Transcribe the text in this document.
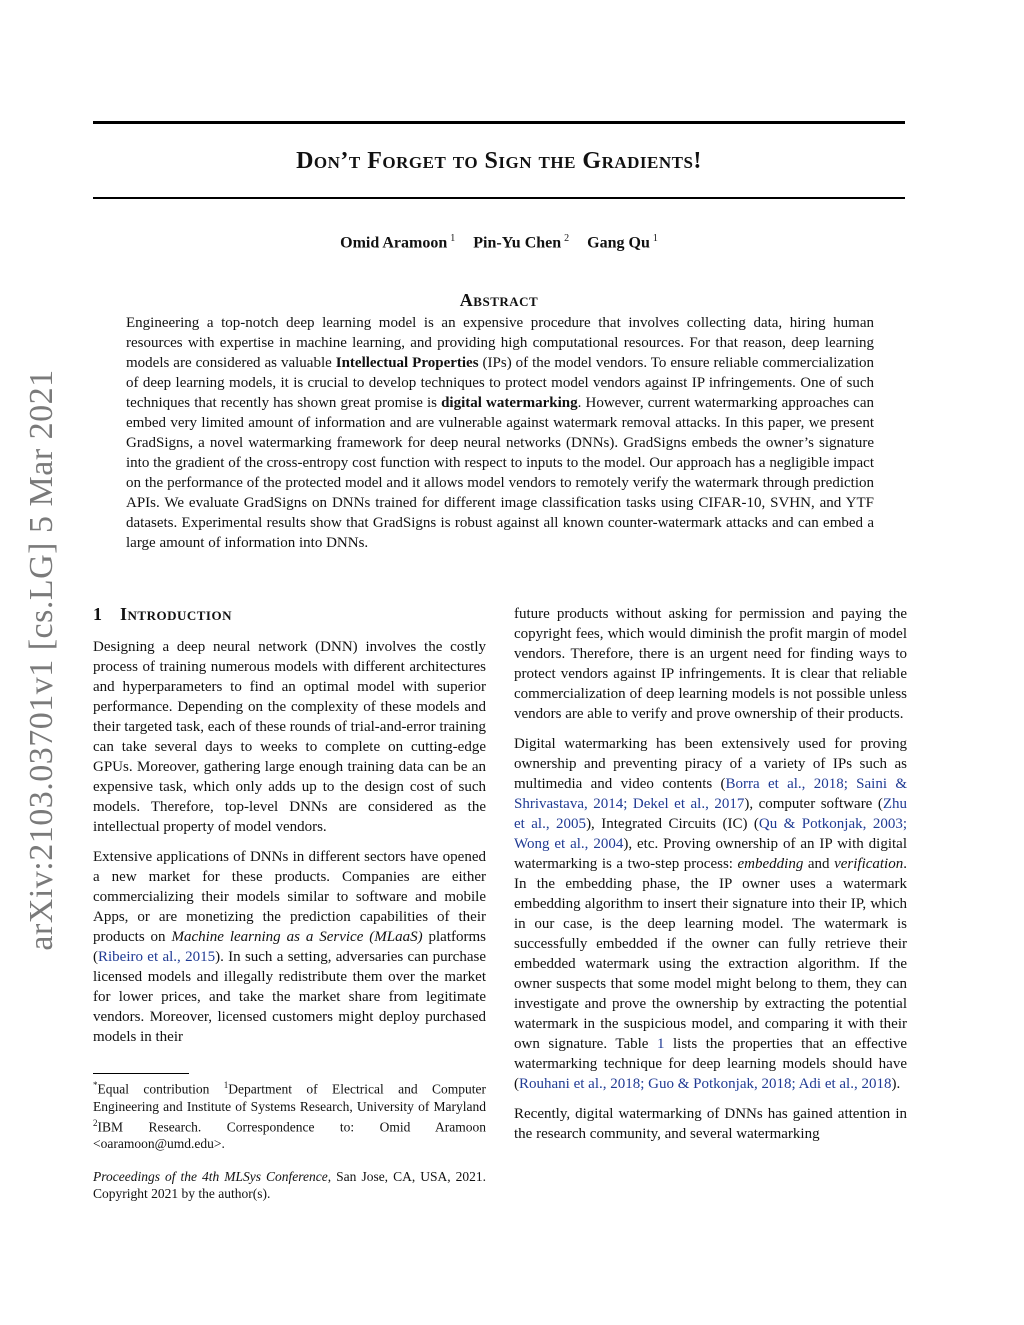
arXiv:2103.03701v1 [cs.LG] 5 Mar 2021
Don’t Forget to Sign the Gradients!
Omid Aramoon $^1$ Pin-Yu Chen $^2$ Gang Qu $^1$
Abstract

Engineering a top-notch deep learning model is an expensive procedure that involves collecting data, hiring human resources with expertise in machine learning, and providing high computational resources. For that reason, deep learning models are considered as valuable Intellectual Properties (IPs) of the model vendors. To ensure reliable commercialization of deep learning models, it is crucial to develop techniques to protect model vendors against IP infringements. One of such techniques that recently has shown great promise is digital watermarking. However, current watermarking approaches can embed very limited amount of information and are vulnerable against watermark removal attacks. In this paper, we present GradSigns, a novel watermarking framework for deep neural networks (DNNs). GradSigns embeds the owner’s signature into the gradient of the cross-entropy cost function with respect to inputs to the model. Our approach has a negligible impact on the performance of the protected model and it allows model vendors to remotely verify the watermark through prediction APIs. We evaluate GradSigns on DNNs trained for different image classification tasks using CIFAR-10, SVHN, and YTF datasets. Experimental results show that GradSigns is robust against all known counter-watermark attacks and can embed a large amount of information into DNNs.

1 Introduction

Designing a deep neural network (DNN) involves the costly process of training numerous models with different architectures and hyperparameters to find an optimal model with superior performance. Depending on the complexity of these models and their targeted task, each of these rounds of trial-and-error training can take several days to weeks to complete on cutting-edge GPUs. Moreover, gathering large enough training data can be an expensive task, which only adds up to the design cost of such models. Therefore, top-level DNNs are considered as the intellectual property of model vendors.

Extensive applications of DNNs in different sectors have opened a new market for these products. Companies are either commercializing their models similar to software and mobile Apps, or are monetizing the prediction capabilities of their products on Machine learning as a Service (MLaaS) platforms (Ribeiro et al., 2015). In such a setting, adversaries can purchase licensed models and illegally redistribute them over the market for lower prices, and take the market share from legitimate vendors. Moreover, licensed customers might deploy purchased models in their

*Equal contribution $^1$Department of Electrical and Computer Engineering and Institute of Systems Research, University of Maryland $^2$IBM Research. Correspondence to: Omid Aramoon <oaramoon@umd.edu>.

Proceedings of the 4th MLSys Conference, San Jose, CA, USA, 2021. Copyright 2021 by the author(s).

future products without asking for permission and paying the copyright fees, which would diminish the profit margin of model vendors. Therefore, there is an urgent need for finding ways to protect vendors against IP infringements. It is clear that reliable commercialization of deep learning models is not possible unless vendors are able to verify and prove ownership of their products.

Digital watermarking has been extensively used for proving ownership and preventing piracy of a variety of IPs such as multimedia and video contents (Borra et al., 2018; Saini & Shrivastava, 2014; Dekel et al., 2017), computer software (Zhu et al., 2005), Integrated Circuits (IC) (Qu & Potkonjak, 2003; Wong et al., 2004), etc. Proving ownership of an IP with digital watermarking is a two-step process: embedding and verification. In the embedding phase, the IP owner uses a watermark embedding algorithm to insert their signature into their IP, which in our case, is the deep learning model. The watermark is successfully embedded if the owner can fully retrieve their embedded watermark using the extraction algorithm. If the owner suspects that some model might belong to them, they can investigate and prove the ownership by extracting the potential watermark in the suspicious model, and comparing it with their own signature. Table 1 lists the properties that an effective watermarking technique for deep learning models should have (Rouhani et al., 2018; Guo & Potkonjak, 2018; Adi et al., 2018).

Recently, digital watermarking of DNNs has gained attention in the research community, and several watermarking
